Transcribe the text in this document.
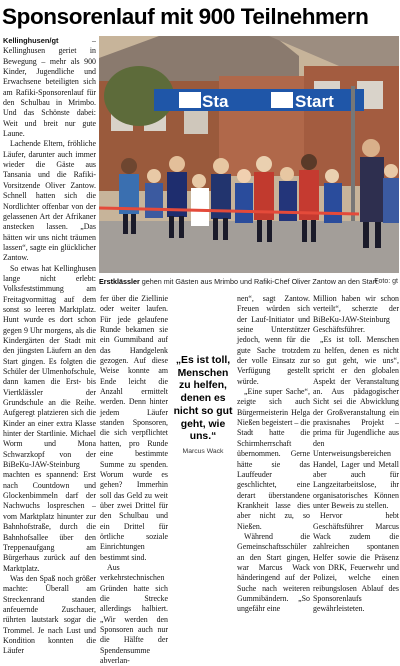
Sponsorenlauf mit 900 Teilnehmern

Kellinghusen/gt	– Kellinghusen geriet in Bewegung – mehr als 900 Kinder, Jugendliche und Erwachsene beteiligten sich am Rafiki-Sponsorenlauf für den Schulbau in Mrimbo. Und das Schönste dabei: Weit und breit nur gute Laune.

Lachende Eltern, fröhliche Läufer, darunter auch immer wieder die Gäste aus Tansania und die Rafiki-Vorsitzende Oliver Zantow. Schnell hatten sich die Nordlichter offenbar von der gelassenen Art der Afrikaner anstecken lassen. „Das hätten wir uns nicht träumen lassen“, sagte ein glücklicher Zantow.

So etwas hat Kellinghusen lange nicht erlebt: Volksfeststimmung am Freitagvormittag auf dem sonst so leeren Marktplatz. Hunt wurde es dort schon gegen 9 Uhr morgens, als die Kindergärten der Stadt mit den jüngsten Läufern an den Start gingen. Es folgten die Schüler der Ulmenhofschule, dann kamen die Erst- bis Viertklässler der Grundschule an die Reihe. Aufgeregt platzieren sich die Kinder an einer extra Klasse hinter der Startlinie. Michael Worm und Mona Schwarzkopf von der BiBeKu-JAW-Steinburg machten es spannend: Erst nach Countdown und Glockenbimmeln darf der Nachwuchs lospreschen – vom Marktplatz hinunter zur Bahnhofstraße, durch die Bahnhofsallee über den Treppenaufgang am Bürgerhaus zurück auf den Marktplatz.

Was den Spaß noch größer machte: Überall am Streckenrand standen anfeuernde Zuschauer, rührten lautstark sogar die Trommel. Je nach Lust und Kondition konnten die Läufer

Sta	Start
Erstklässler gehen mit Gästen aus Mrimbo und Rafiki-Chef Oliver Zantow an den Start.
Foto: gt

fer über die Ziellinie oder weiter laufen. Für jede gelaufene Runde bekamen sie ein Gummiband auf das Handgelenk gezogen. Auf diese Weise konnte am Ende leicht die Anzahl ermittelt werden. Denn hinter jedem Läufer standen Sponsoren, die sich verpflichtet hatten, pro Runde eine bestimmte Summe zu spenden. Worum wurde es gehen? Immerhin soll das Geld zu weit über zwei Drittel für den Schulbau und ein Drittel für örtliche soziale Einrichtungen bestimmt sind.

Aus verkehrstechnischen Gründen hatte sich die Strecke allerdings halbiert. „Wir werden den Sponsoren auch nur die Hälfte der Spendensumme abverlan-

„Es ist toll, Menschen zu helfen, denen es nicht so gut geht, wie uns.“
Marcus Wack

nen“, sagt Zantow. Freuen würden sich der Lauf-Initiator und seine Unterstützer jedoch, wenn für die gute Sache trotzdem der volle Einsatz zur Verfügung gestellt würde.

„Eine super Sache“, zeigte sich auch Bürgermeisterin Helga Nießen begeistert – die Stadt hatte die Schirmherrschaft übernommen. Gerne hätte sie das Lauffeuder geschlichtet, eine derart überstandene Krankheit lasse dies aber nicht zu, so Nießen.

Während die Gemeinschaftsschüler an den Start gingen, war Marcus Wack händeringend auf der Suche nach weiteren Gummibändern. „So ungefähr eine

Million haben wir schon verteilt“, scherzte der BiBeKu-JAW-Steinburg Geschäftsführer.

„Es ist toll. Menschen zu helfen, denen es nicht so gut geht, wie uns“, spricht er den globalen Aspekt der Veranstaltung an. Aus pädagogischer Sicht sei die Abwicklung der Großveranstaltung ein praxisnahes Projekt – prima für Jugendliche aus den Unterweisungsbereichen Handel, Lager und Metall aber auch für Langzeitarbeitslose, ihr organisatorisches Können unter Beweis zu stellen.

Hervor hebt Geschäftsführer Marcus Wack zudem die zahlreichen spontanen Helfer sowie die Präsenz von DRK, Feuerwehr und Polizei, welche einen reibungslosen Ablauf des Sponsorenlaufs gewährleisteten.
